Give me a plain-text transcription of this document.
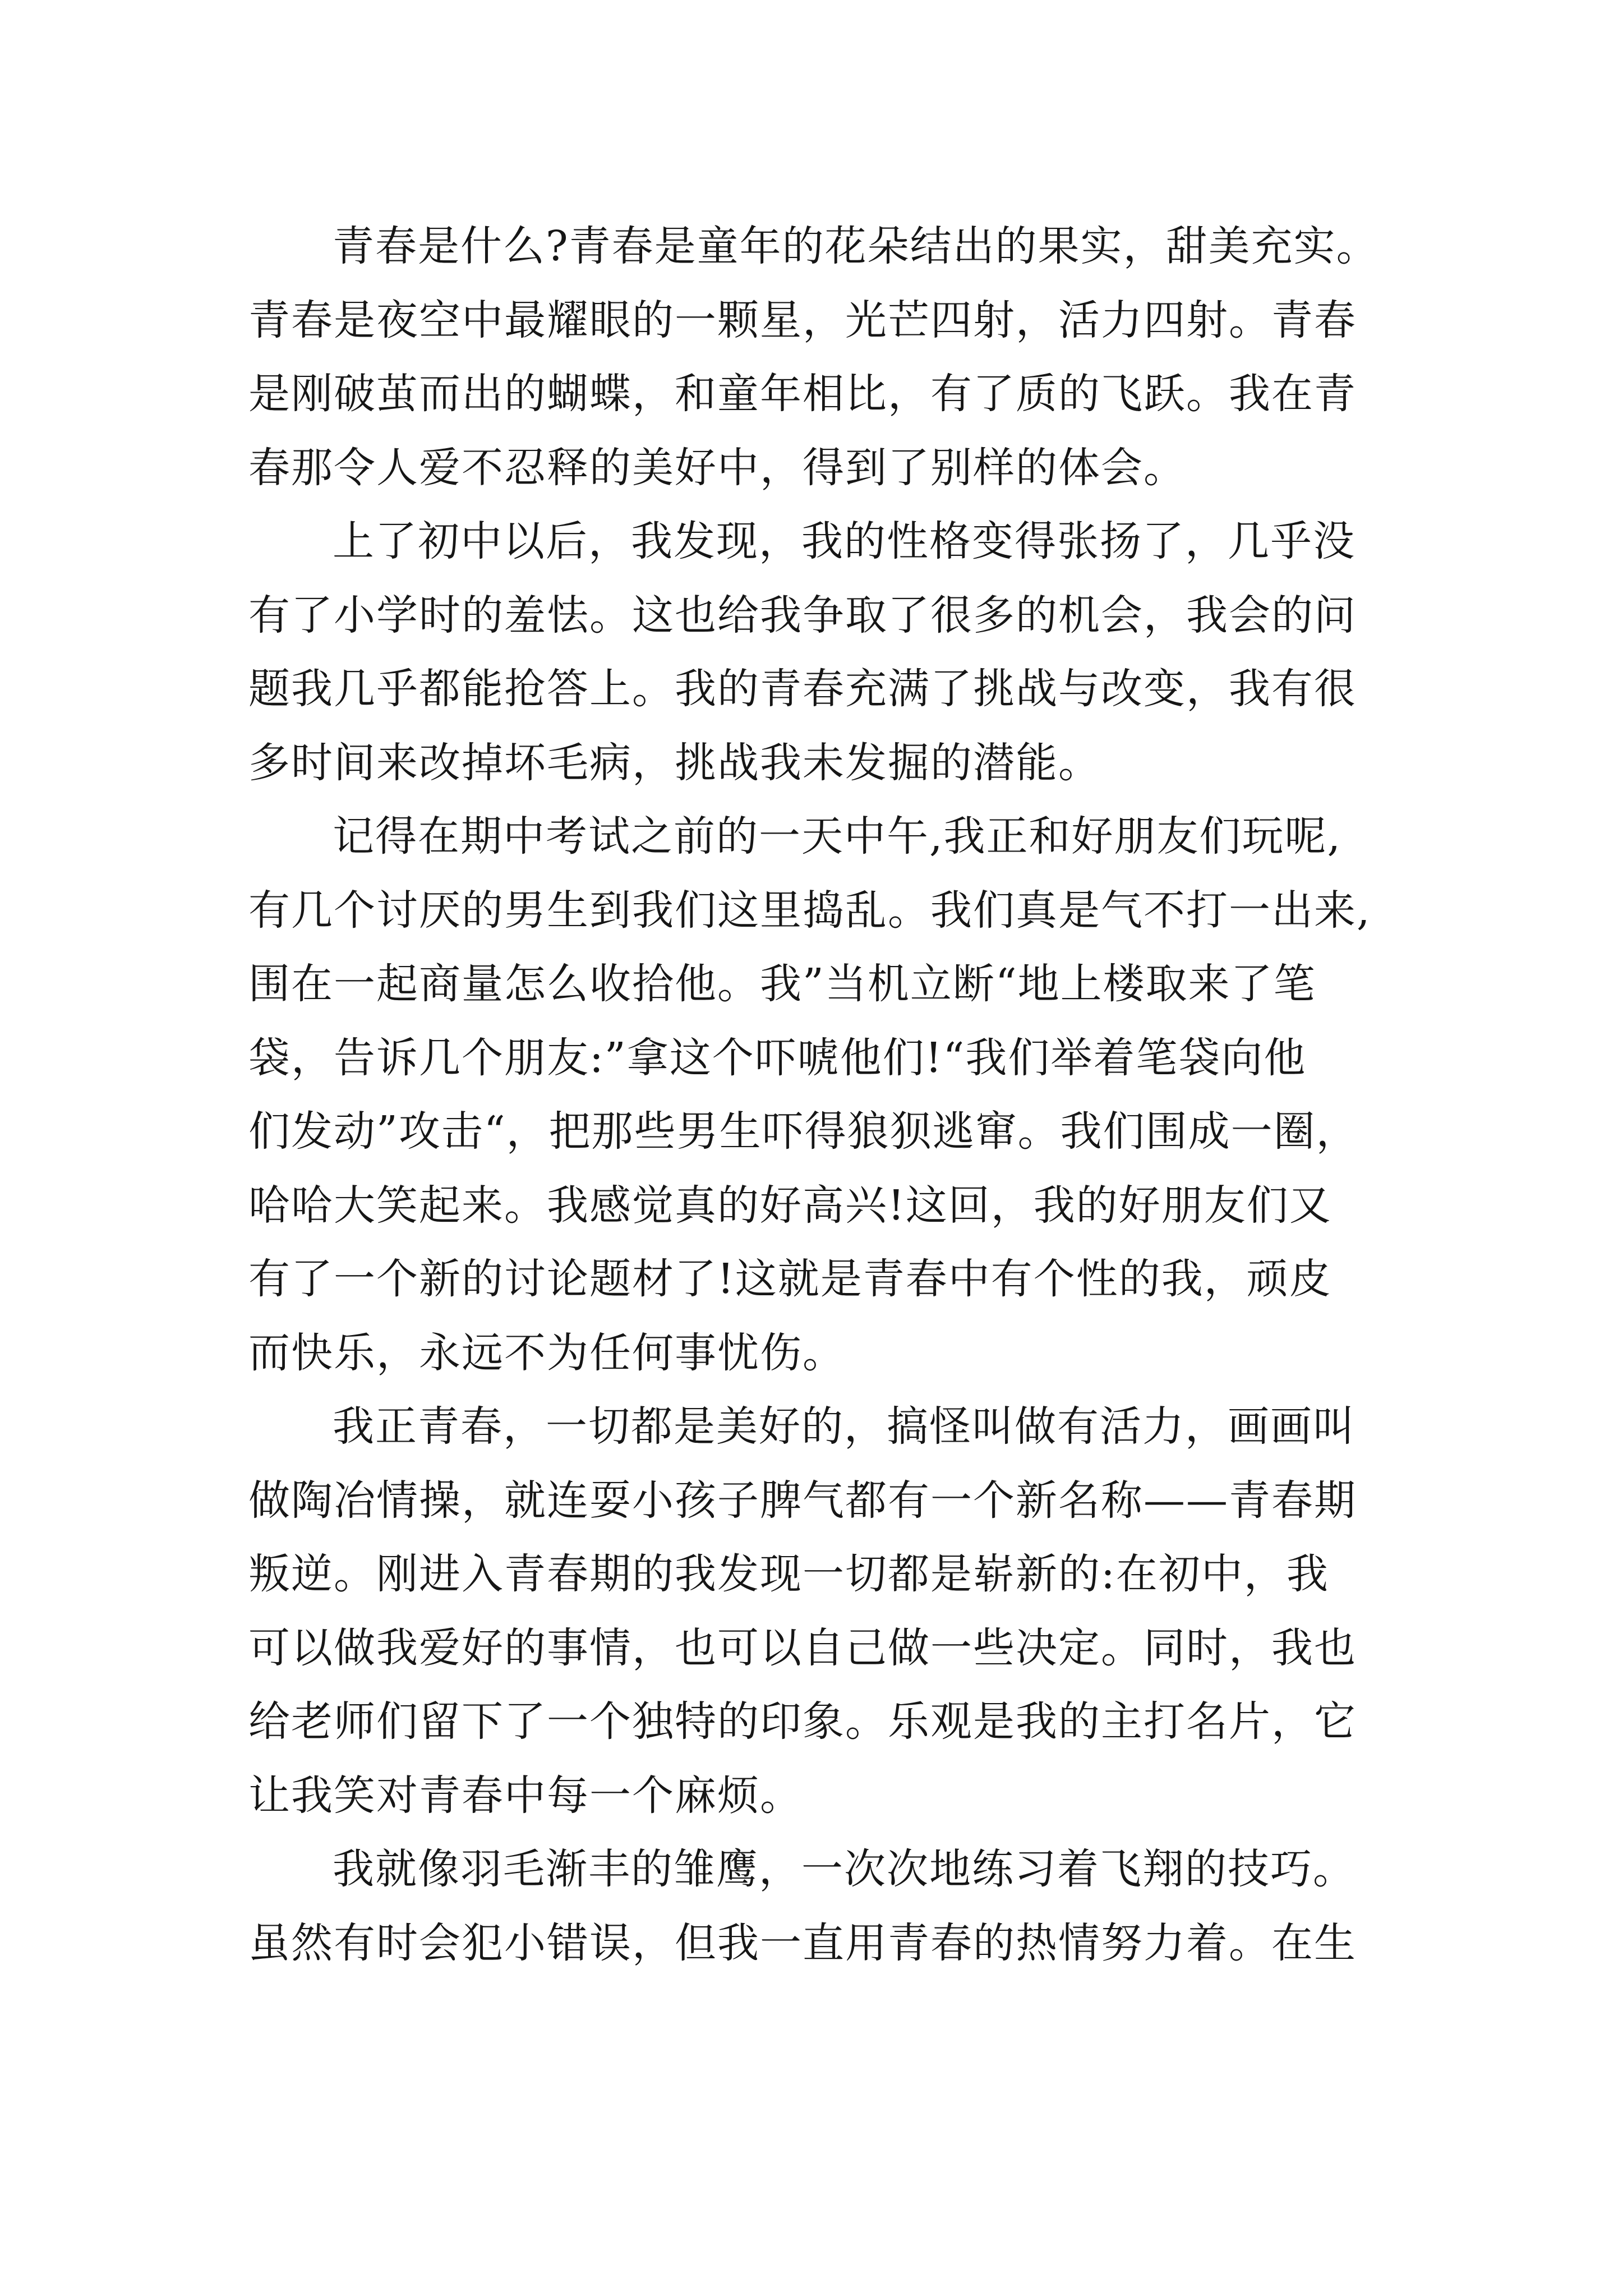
青春是什么?青春是童年的花朵结出的果实，甜美充实。
青春是夜空中最耀眼的一颗星，光芒四射，活力四射。青春
是刚破茧而出的蝴蝶，和童年相比，有了质的飞跃。我在青
春那令人爱不忍释的美好中，得到了别样的体会。
上了初中以后，我发现，我的性格变得张扬了，几乎没
有了小学时的羞怯。这也给我争取了很多的机会，我会的问
题我几乎都能抢答上。我的青春充满了挑战与改变，我有很
多时间来改掉坏毛病，挑战我未发掘的潜能。
记得在期中考试之前的一天中午,我正和好朋友们玩呢,
有几个讨厌的男生到我们这里捣乱。我们真是气不打一出来,
围在一起商量怎么收拾他。我”当机立断“地上楼取来了笔
袋，告诉几个朋友:”拿这个吓唬他们!“我们举着笔袋向他
们发动”攻击“，把那些男生吓得狼狈逃窜。我们围成一圈，
哈哈大笑起来。我感觉真的好高兴!这回，我的好朋友们又
有了一个新的讨论题材了!这就是青春中有个性的我，顽皮
而快乐，永远不为任何事忧伤。
我正青春，一切都是美好的，搞怪叫做有活力，画画叫
做陶冶情操，就连耍小孩子脾气都有一个新名称——青春期
叛逆。刚进入青春期的我发现一切都是崭新的:在初中，我
可以做我爱好的事情，也可以自己做一些决定。同时，我也
给老师们留下了一个独特的印象。乐观是我的主打名片，它
让我笑对青春中每一个麻烦。
我就像羽毛渐丰的雏鹰，一次次地练习着飞翔的技巧。
虽然有时会犯小错误，但我一直用青春的热情努力着。在生
